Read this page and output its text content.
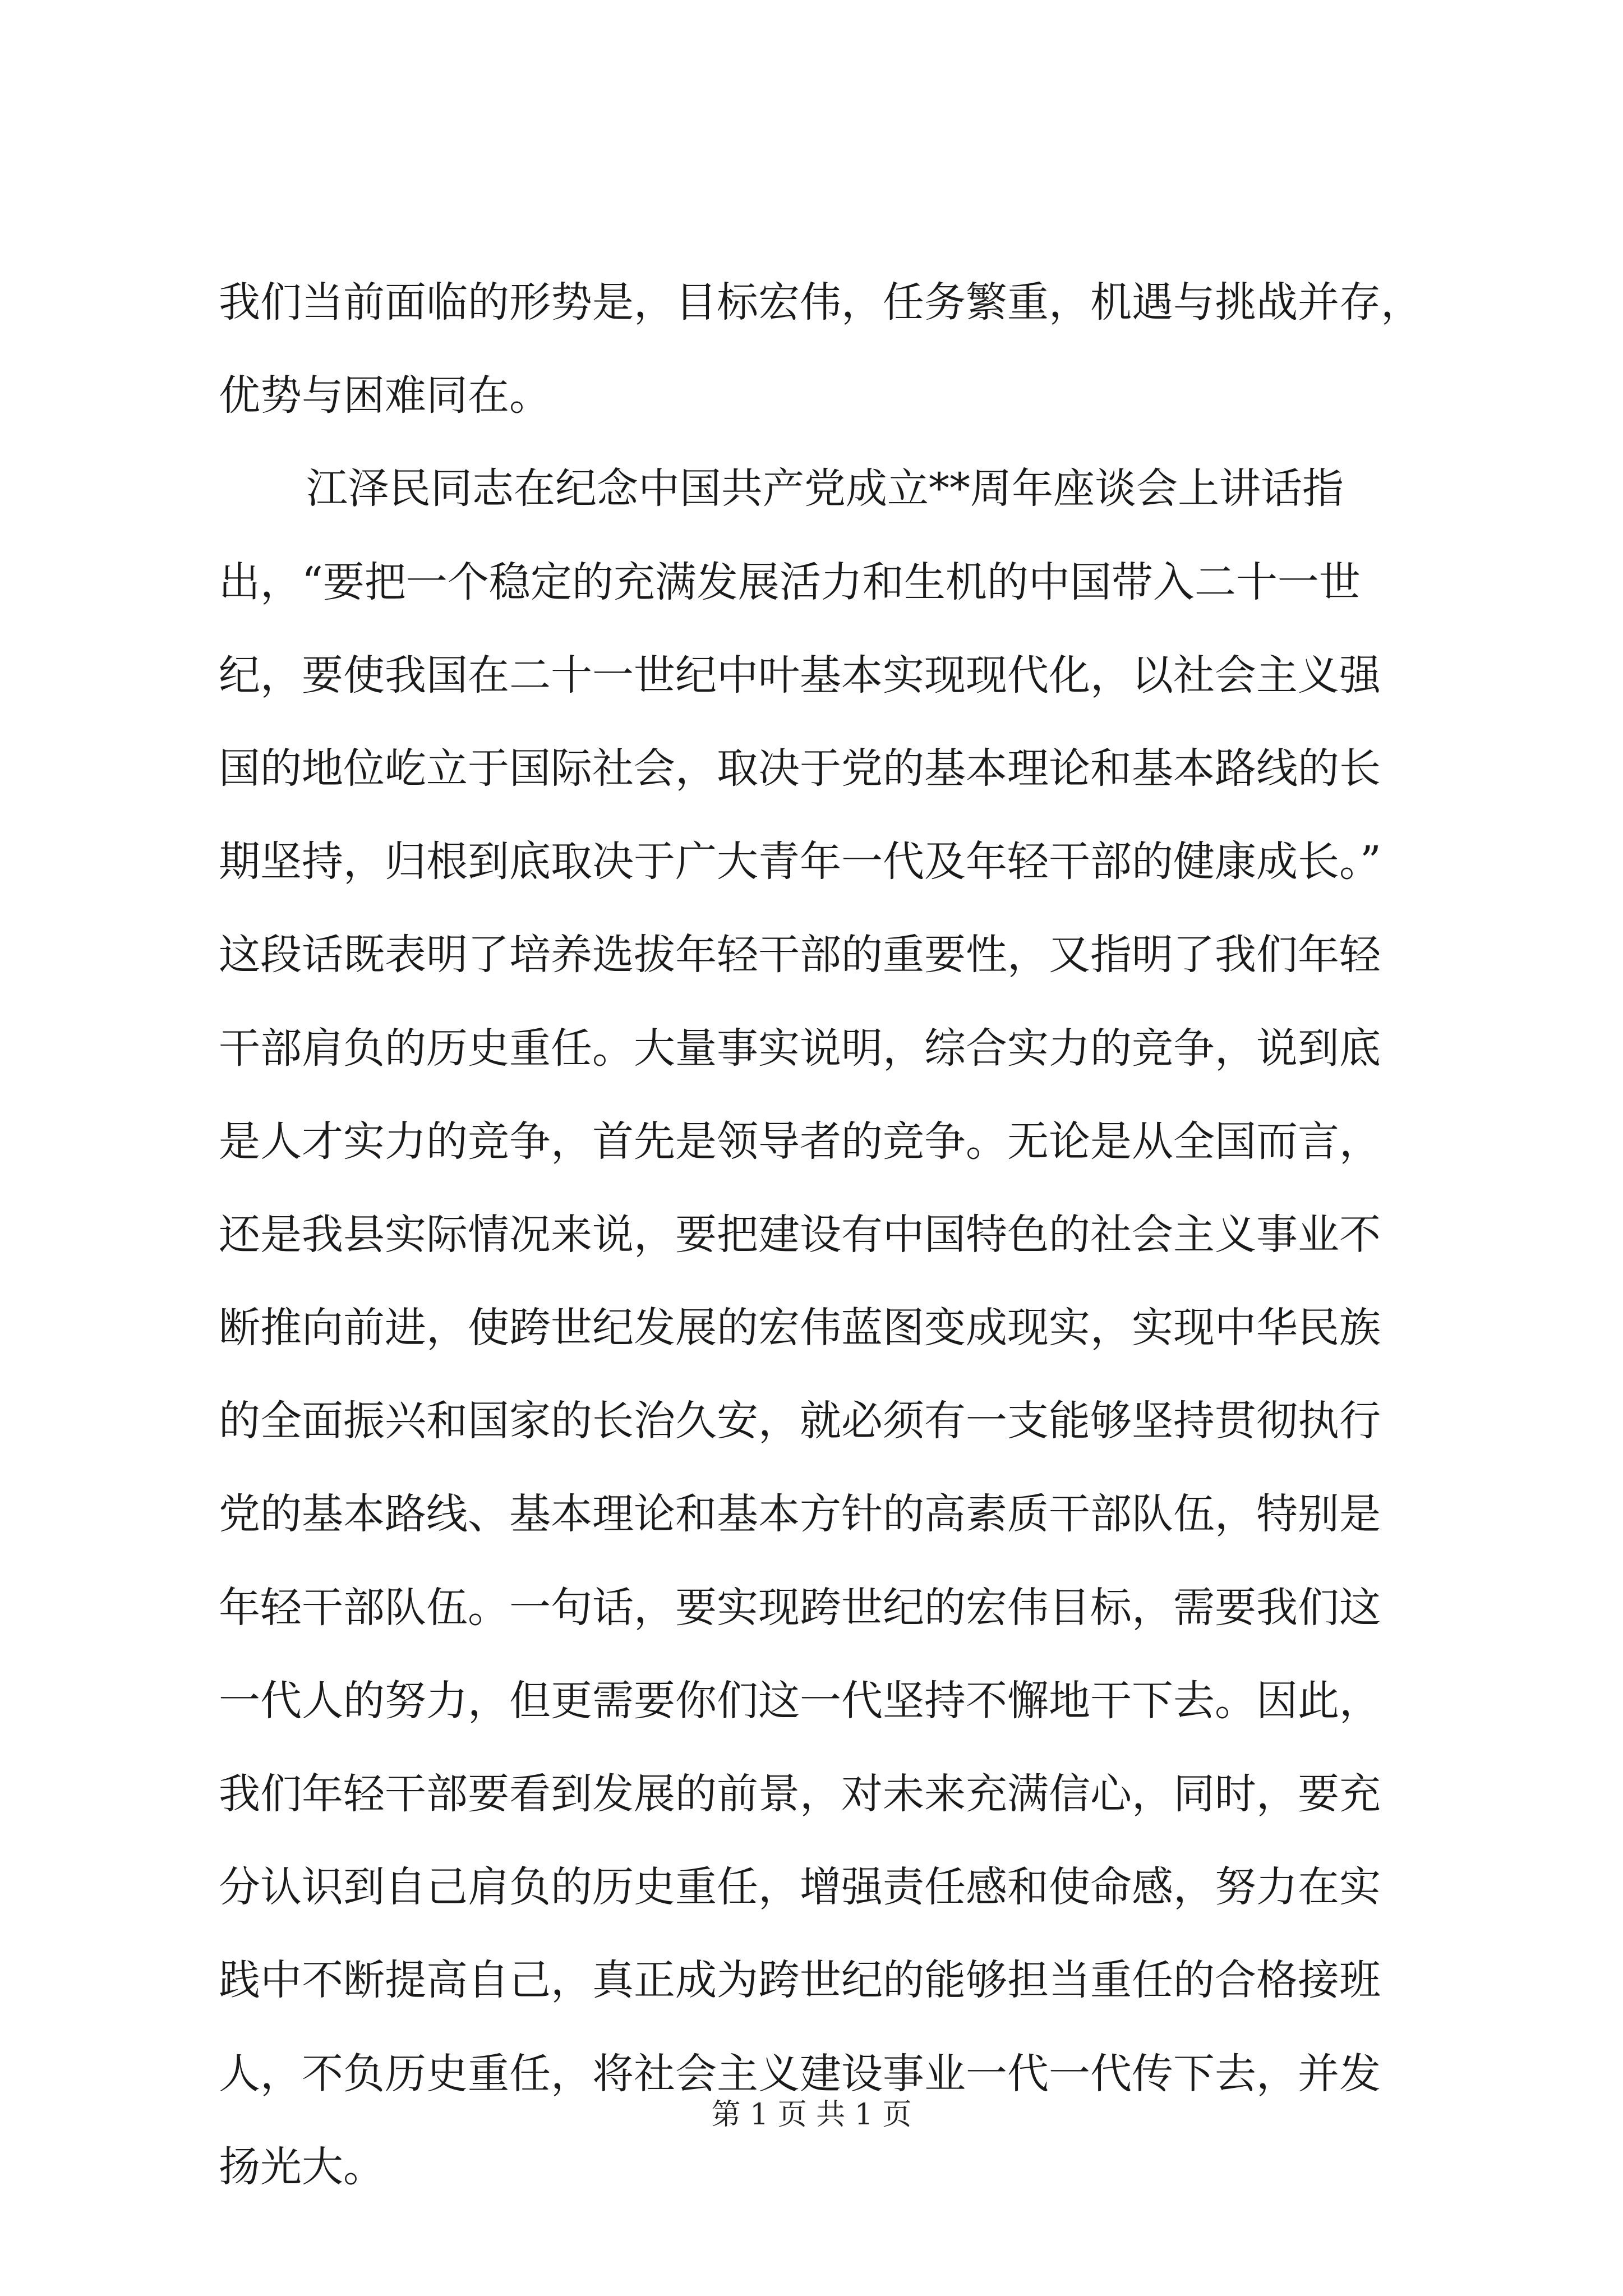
我们当前面临的形势是，目标宏伟，任务繁重，机遇与挑战并存，
优势与困难同在。

江泽民同志在纪念中国共产党成立**周年座谈会上讲话指
出，“要把一个稳定的充满发展活力和生机的中国带入二十一世
纪，要使我国在二十一世纪中叶基本实现现代化，以社会主义强
国的地位屹立于国际社会，取决于党的基本理论和基本路线的长
期坚持，归根到底取决于广大青年一代及年轻干部的健康成长。”
这段话既表明了培养选拔年轻干部的重要性，又指明了我们年轻
干部肩负的历史重任。大量事实说明，综合实力的竞争，说到底
是人才实力的竞争，首先是领导者的竞争。无论是从全国而言，
还是我县实际情况来说，要把建设有中国特色的社会主义事业不
断推向前进，使跨世纪发展的宏伟蓝图变成现实，实现中华民族
的全面振兴和国家的长治久安，就必须有一支能够坚持贯彻执行
党的基本路线、基本理论和基本方针的高素质干部队伍，特别是
年轻干部队伍。一句话，要实现跨世纪的宏伟目标，需要我们这
一代人的努力，但更需要你们这一代坚持不懈地干下去。因此，
我们年轻干部要看到发展的前景，对未来充满信心，同时，要充
分认识到自己肩负的历史重任，增强责任感和使命感，努力在实
践中不断提高自己，真正成为跨世纪的能够担当重任的合格接班
人，不负历史重任，将社会主义建设事业一代一代传下去，并发
扬光大。

第 1 页 共 1 页
